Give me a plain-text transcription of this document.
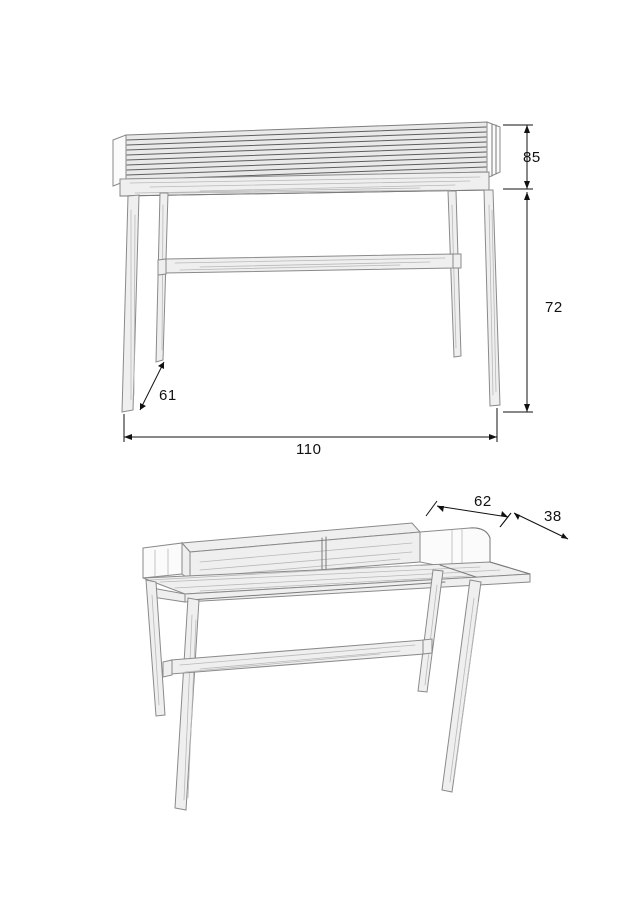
85
72
61
110
62
38
